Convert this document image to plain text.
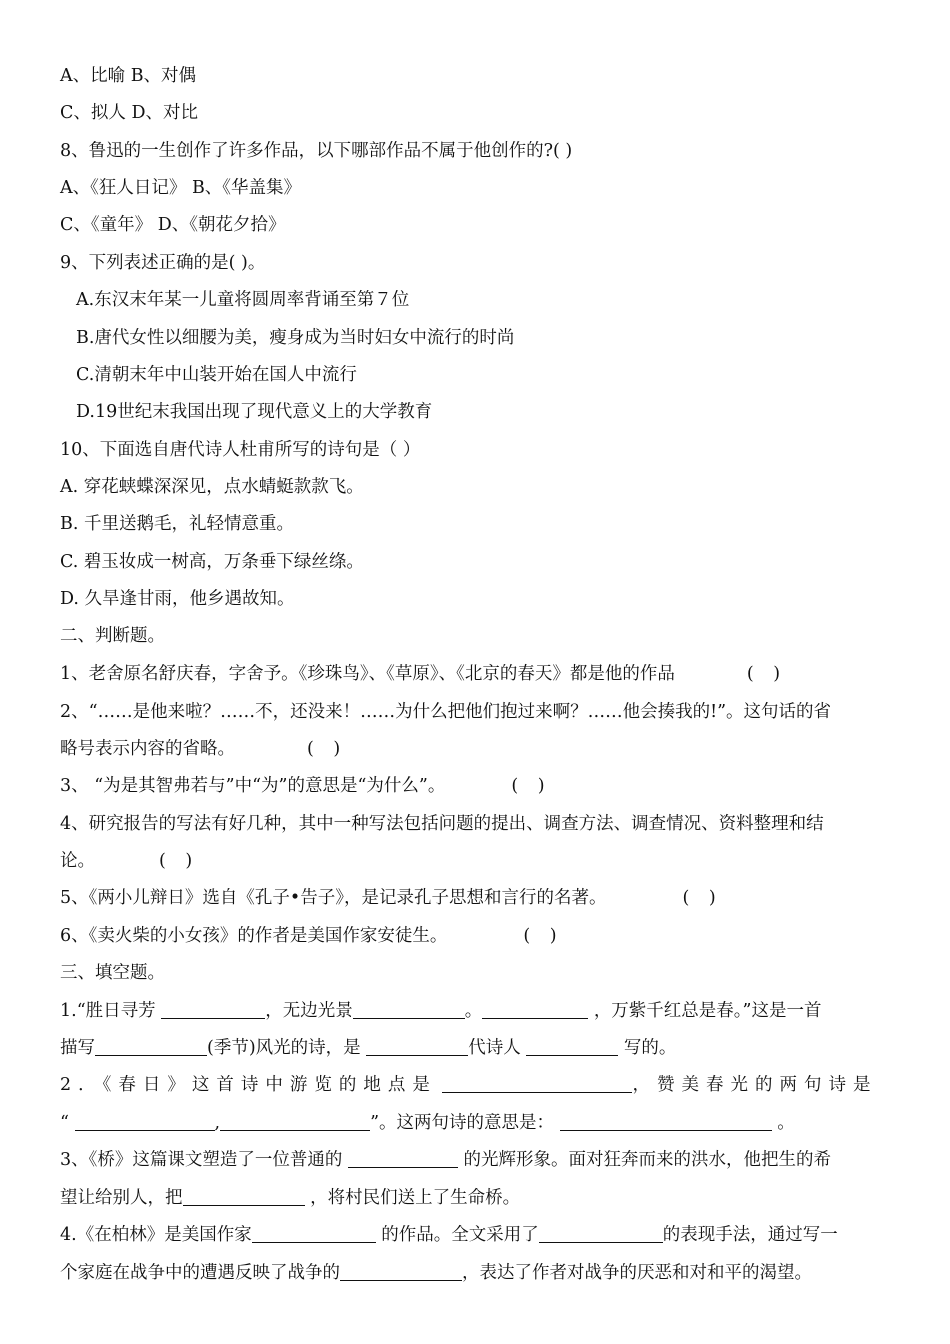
A、比喻 B、对偶
C、拟人 D、对比
8、鲁迅的一生创作了许多作品，以下哪部作品不属于他创作的?( )
A、《狂人日记》 B、《华盖集》
C、《童年》 D、《朝花夕拾》
9、下列表述正确的是( )。
A.东汉末年某一儿童将圆周率背诵至第７位
B.唐代女性以细腰为美，瘦身成为当时妇女中流行的时尚
C.清朝末年中山装开始在国人中流行
D.19世纪末我国出现了现代意义上的大学教育
10、下面选自唐代诗人杜甫所写的诗句是（ ）
A. 穿花蛱蝶深深见，点水蜻蜓款款飞。
B. 千里送鹅毛，礼轻情意重。
C. 碧玉妆成一树高，万条垂下绿丝绦。
D. 久旱逢甘雨，他乡遇故知。
二、判断题。
1、老舍原名舒庆春，字舍予。《珍珠鸟》、《草原》、《北京的春天》都是他的作品	( )
2、“……是他来啦？……不，还没来！……为什么把他们抱过来啊？……他会揍我的!”。这句话的省
略号表示内容的省略。	( )
3、 “为是其智弗若与”中“为”的意思是“为什么”。	( )
4、研究报告的写法有好几种，其中一种写法包括问题的提出、调查方法、调查情况、资料整理和结
论。	( )
5、《两小儿辩日》选自《孔子•告子》，是记录孔子思想和言行的名著。	( )
6、《卖火柴的小女孩》的作者是美国作家安徒生。	( )
三、填空题。
1.“胜日寻芳	，无边光景	。	，万紫千红总是春。”这是一首
描写	(季节)风光的诗，是	代诗人	写的。
2．《春日》这首诗中游览的地点是	，赞美春光的两句诗是
“	,	”。这两句诗的意思是：	。
3、《桥》这篇课文塑造了一位普通的	的光辉形象。面对狂奔而来的洪水，他把生的希
望让给别人，把	，将村民们送上了生命桥。
4.《在柏林》是美国作家	的作品。全文采用了	的表现手法，通过写一
个家庭在战争中的遭遇反映了战争的	，表达了作者对战争的厌恶和对和平的渴望。
